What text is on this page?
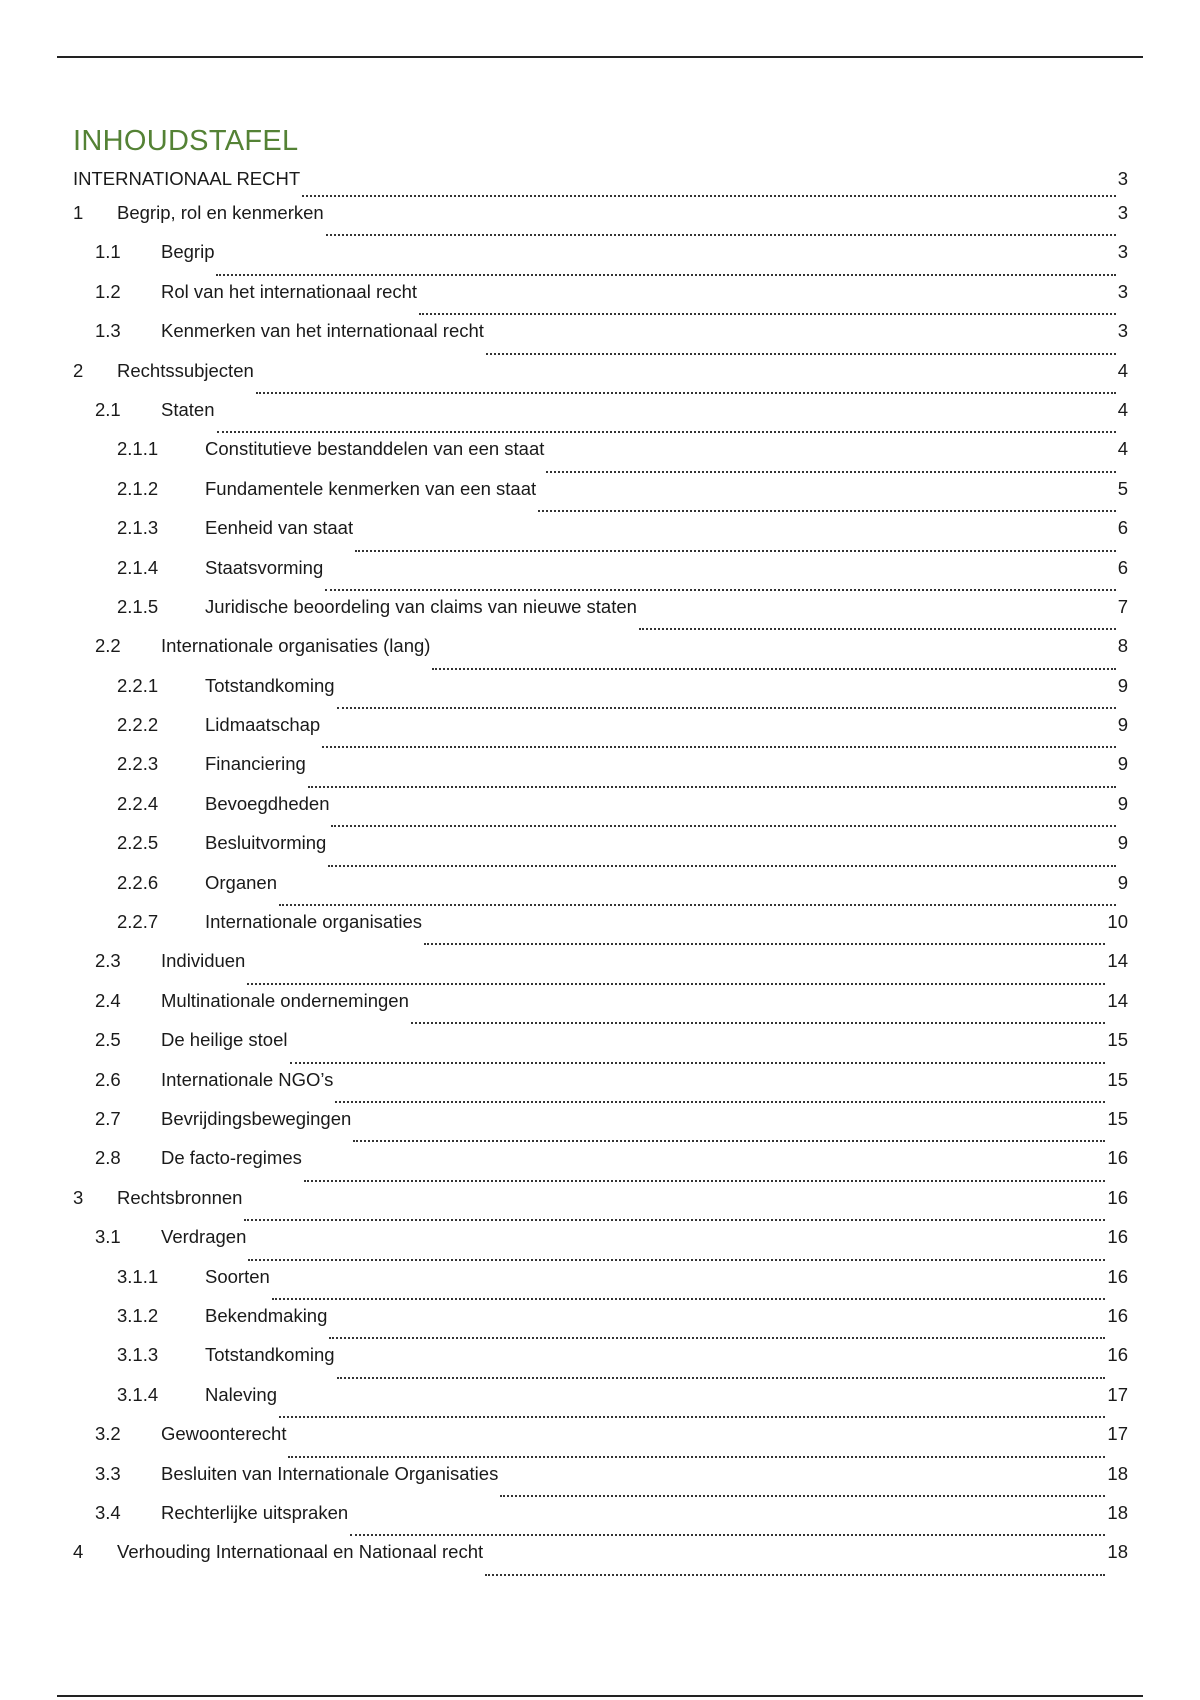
INHOUDSTAFEL
INTERNATIONAAL RECHT	3
1	Begrip, rol en kenmerken	3
1.1	Begrip	3
1.2	Rol van het internationaal recht	3
1.3	Kenmerken van het internationaal recht	3
2	Rechtssubjecten	4
2.1	Staten	4
2.1.1	Constitutieve bestanddelen van een staat	4
2.1.2	Fundamentele kenmerken van een staat	5
2.1.3	Eenheid van staat	6
2.1.4	Staatsvorming	6
2.1.5	Juridische beoordeling van claims van nieuwe staten	7
2.2	Internationale organisaties (lang)	8
2.2.1	Totstandkoming	9
2.2.2	Lidmaatschap	9
2.2.3	Financiering	9
2.2.4	Bevoegdheden	9
2.2.5	Besluitvorming	9
2.2.6	Organen	9
2.2.7	Internationale organisaties	10
2.3	Individuen	14
2.4	Multinationale ondernemingen	14
2.5	De heilige stoel	15
2.6	Internationale NGO’s	15
2.7	Bevrijdingsbewegingen	15
2.8	De facto-regimes	16
3	Rechtsbronnen	16
3.1	Verdragen	16
3.1.1	Soorten	16
3.1.2	Bekendmaking	16
3.1.3	Totstandkoming	16
3.1.4	Naleving	17
3.2	Gewoonterecht	17
3.3	Besluiten van Internationale Organisaties	18
3.4	Rechterlijke uitspraken	18
4	Verhouding Internationaal en Nationaal recht	18
